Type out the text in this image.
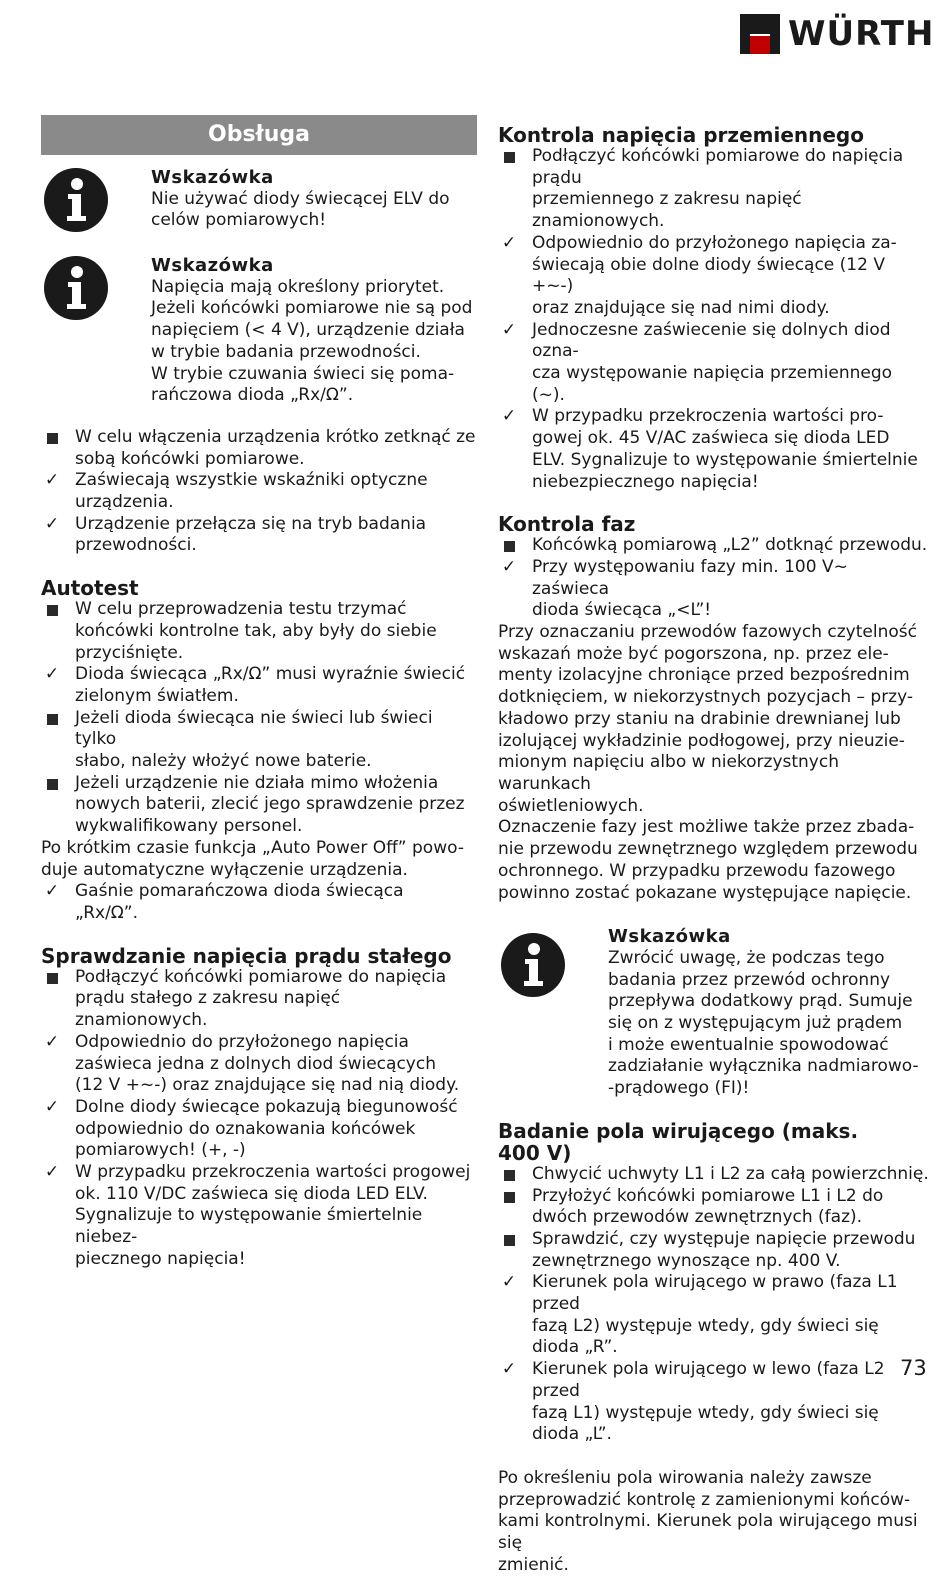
WÜRTH
Obsługa
Wskazówka
Nie używać diody świecącej ELV do
celów pomiarowych!
Wskazówka
Napięcia mają określony priorytet.
Jeżeli końcówki pomiarowe nie są pod
napięciem (< 4 V), urządzenie działa
w trybie badania przewodności.
W trybie czuwania świeci się poma-
rańczowa dioda „Rx/Ω”.
W celu włączenia urządzenia krótko zetknąć ze
sobą końcówki pomiarowe.
✓ Zaświecają wszystkie wskaźniki optyczne
urządzenia.
✓ Urządzenie przełącza się na tryb badania
przewodności.
Autotest
W celu przeprowadzenia testu trzymać
końcówki kontrolne tak, aby były do siebie
przyciśnięte.
✓ Dioda świecąca „Rx/Ω” musi wyraźnie świecić
zielonym światłem.
Jeżeli dioda świecąca nie świeci lub świeci tylko
słabo, należy włożyć nowe baterie.
Jeżeli urządzenie nie działa mimo włożenia
nowych baterii, zlecić jego sprawdzenie przez
wykwalifikowany personel.
Po krótkim czasie funkcja „Auto Power Off” powo-
duje automatyczne wyłączenie urządzenia.
✓ Gaśnie pomarańczowa dioda świecąca
„Rx/Ω”.
Sprawdzanie napięcia prądu stałego
Podłączyć końcówki pomiarowe do napięcia
prądu stałego z zakresu napięć znamionowych.
✓ Odpowiednio do przyłożonego napięcia
zaświeca jedna z dolnych diod świecących
(12 V +~-) oraz znajdujące się nad nią diody.
✓ Dolne diody świecące pokazują biegunowość
odpowiednio do oznakowania końcówek
pomiarowych! (+, -)
✓ W przypadku przekroczenia wartości progowej
ok. 110 V/DC zaświeca się dioda LED ELV.
Sygnalizuje to występowanie śmiertelnie niebez-
piecznego napięcia!
Kontrola napięcia przemiennego
Podłączyć końcówki pomiarowe do napięcia prądu
przemiennego z zakresu napięć znamionowych.
✓ Odpowiednio do przyłożonego napięcia za-
świecają obie dolne diody świecące (12 V +~-)
oraz znajdujące się nad nimi diody.
✓ Jednoczesne zaświecenie się dolnych diod ozna-
cza występowanie napięcia przemiennego (~).
✓ W przypadku przekroczenia wartości pro-
gowej ok. 45 V/AC zaświeca się dioda LED
ELV. Sygnalizuje to występowanie śmiertelnie
niebezpiecznego napięcia!
Kontrola faz
Końcówką pomiarową „L2” dotknąć przewodu.
✓ Przy występowaniu fazy min. 100 V~ zaświeca
dioda świecąca „<L”!
Przy oznaczaniu przewodów fazowych czytelność
wskazań może być pogorszona, np. przez ele-
menty izolacyjne chroniące przed bezpośrednim
dotknięciem, w niekorzystnych pozycjach – przy-
kładowo przy staniu na drabinie drewnianej lub
izolującej wykładzinie podłogowej, przy nieuzie-
mionym napięciu albo w niekorzystnych warunkach
oświetleniowych.
Oznaczenie fazy jest możliwe także przez zbada-
nie przewodu zewnętrznego względem przewodu
ochronnego. W przypadku przewodu fazowego
powinno zostać pokazane występujące napięcie.
Wskazówka
Zwrócić uwagę, że podczas tego
badania przez przewód ochronny
przepływa dodatkowy prąd. Sumuje
się on z występującym już prądem
i może ewentualnie spowodować
zadziałanie wyłącznika nadmiarowo-
-prądowego (FI)!
Badanie pola wirującego (maks.
400 V)
Chwycić uchwyty L1 i L2 za całą powierzchnię.
Przyłożyć końcówki pomiarowe L1 i L2 do
dwóch przewodów zewnętrznych (faz).
Sprawdzić, czy występuje napięcie przewodu
zewnętrznego wynoszące np. 400 V.
✓ Kierunek pola wirującego w prawo (faza L1 przed
fazą L2) występuje wtedy, gdy świeci się dioda „R”.
✓ Kierunek pola wirującego w lewo (faza L2 przed
fazą L1) występuje wtedy, gdy świeci się dioda „L”.
Po określeniu pola wirowania należy zawsze
przeprowadzić kontrolę z zamienionymi końców-
kami kontrolnymi. Kierunek pola wirującego musi się
zmienić.
73
